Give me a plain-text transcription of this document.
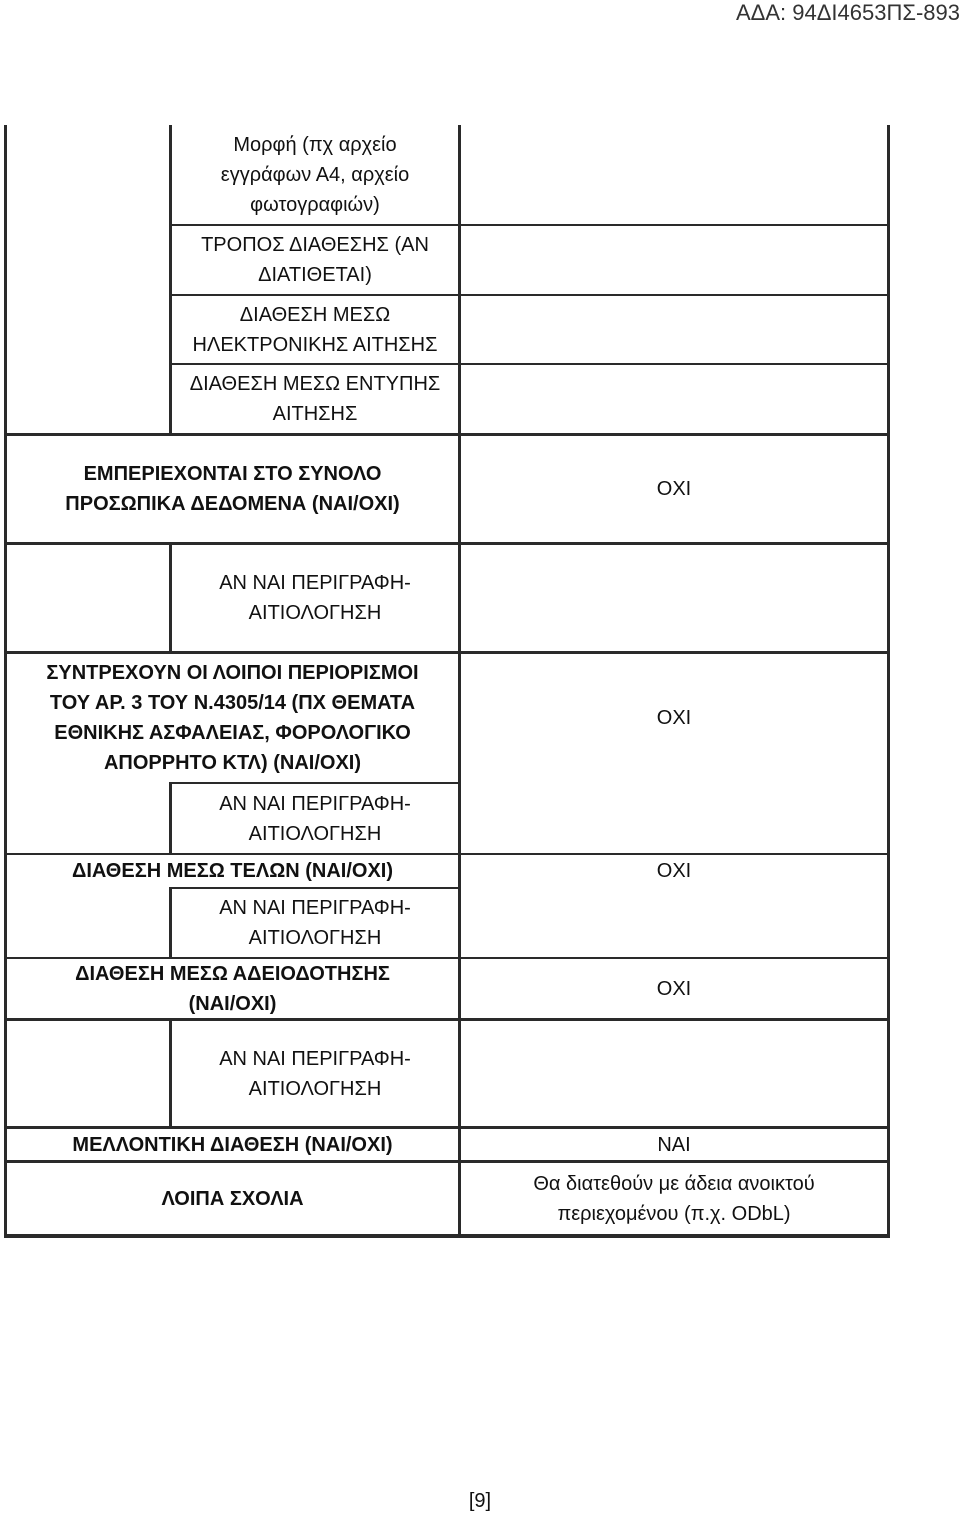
ΑΔΑ: 94ΔΙ4653ΠΣ-893
Μορφή (πχ αρχείο εγγράφων Α4, αρχείο φωτογραφιών)
ΤΡΟΠΟΣ ΔΙΑΘΕΣΗΣ (ΑΝ ΔΙΑΤΙΘΕΤΑΙ)
ΔΙΑΘΕΣΗ ΜΕΣΩ ΗΛΕΚΤΡΟΝΙΚΗΣ ΑΙΤΗΣΗΣ
ΔΙΑΘΕΣΗ ΜΕΣΩ ΕΝΤΥΠΗΣ ΑΙΤΗΣΗΣ
ΕΜΠΕΡΙΕΧΟΝΤΑΙ ΣΤΟ ΣΥΝΟΛΟ ΠΡΟΣΩΠΙΚΑ ΔΕΔΟΜΕΝΑ (ΝΑΙ/ΟΧΙ)
ΟΧΙ
ΑΝ ΝΑΙ ΠΕΡΙΓΡΑΦΗ-ΑΙΤΙΟΛΟΓΗΣΗ
ΣΥΝΤΡΕΧΟΥΝ ΟΙ ΛΟΙΠΟΙ ΠΕΡΙΟΡΙΣΜΟΙ ΤΟΥ ΑΡ. 3 ΤΟΥ Ν.4305/14 (ΠΧ ΘΕΜΑΤΑ ΕΘΝΙΚΗΣ ΑΣΦΑΛΕΙΑΣ, ΦΟΡΟΛΟΓΙΚΟ ΑΠΟΡΡΗΤΟ ΚΤΛ) (ΝΑΙ/ΟΧΙ)
ΟΧΙ
ΑΝ ΝΑΙ ΠΕΡΙΓΡΑΦΗ-ΑΙΤΙΟΛΟΓΗΣΗ
ΔΙΑΘΕΣΗ ΜΕΣΩ ΤΕΛΩΝ (ΝΑΙ/ΟΧΙ)	ΟΧΙ
ΑΝ ΝΑΙ ΠΕΡΙΓΡΑΦΗ-ΑΙΤΙΟΛΟΓΗΣΗ
ΔΙΑΘΕΣΗ ΜΕΣΩ ΑΔΕΙΟΔΟΤΗΣΗΣ (ΝΑΙ/ΟΧΙ)
ΟΧΙ
ΑΝ ΝΑΙ ΠΕΡΙΓΡΑΦΗ-ΑΙΤΙΟΛΟΓΗΣΗ
ΜΕΛΛΟΝΤΙΚΗ ΔΙΑΘΕΣΗ (ΝΑΙ/ΟΧΙ)	ΝΑΙ
ΛΟΙΠΑ ΣΧΟΛΙΑ
Θα διατεθούν με άδεια ανοικτού περιεχομένου (π.χ. ODbL)
[9]
